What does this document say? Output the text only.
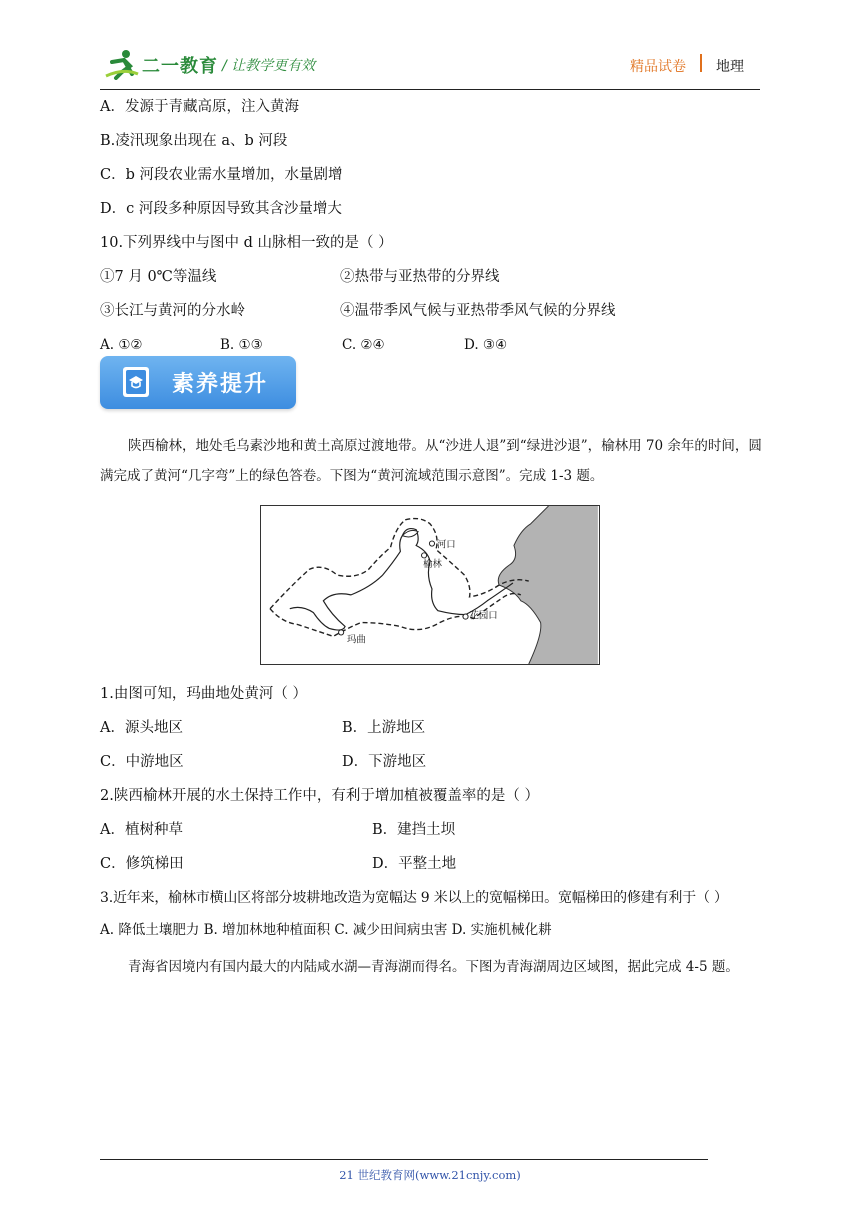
二一教育 / 让教学更有效	精品试卷 地理
A．发源于青藏高原，注入黄海
B.凌汛现象出现在 a、b 河段
C．b 河段农业需水量增加，水量剧增
D．c 河段多种原因导致其含沙量增大
10.下列界线中与图中 d 山脉相一致的是（ ）
①7 月 0℃等温线	②热带与亚热带的分界线
③长江与黄河的分水岭	④温带季风气候与亚热带季风气候的分界线
A. ①②	B. ①③	C. ②④	D. ③④
素养提升
陕西榆林，地处毛乌素沙地和黄土高原过渡地带。从“沙进人退”到“绿进沙退”，榆林用 70 余年的时间，圆满完成了黄河“几字弯”上的绿色答卷。下图为“黄河流域范围示意图”。完成 1-3 题。
河口
榆林
花园口
玛曲
1.由图可知，玛曲地处黄河（ ）
A．源头地区	B．上游地区
C．中游地区	D．下游地区
2.陕西榆林开展的水土保持工作中，有利于增加植被覆盖率的是（ ）
A．植树种草	B．建挡土坝
C．修筑梯田	D．平整土地
3.近年来，榆林市横山区将部分坡耕地改造为宽幅达 9 米以上的宽幅梯田。宽幅梯田的修建有利于（ ）
A. 降低土壤肥力 B. 增加林地种植面积 C. 减少田间病虫害 D. 实施机械化耕
青海省因境内有国内最大的内陆咸水湖—青海湖而得名。下图为青海湖周边区域图，据此完成 4-5 题。
21 世纪教育网(www.21cnjy.com)
